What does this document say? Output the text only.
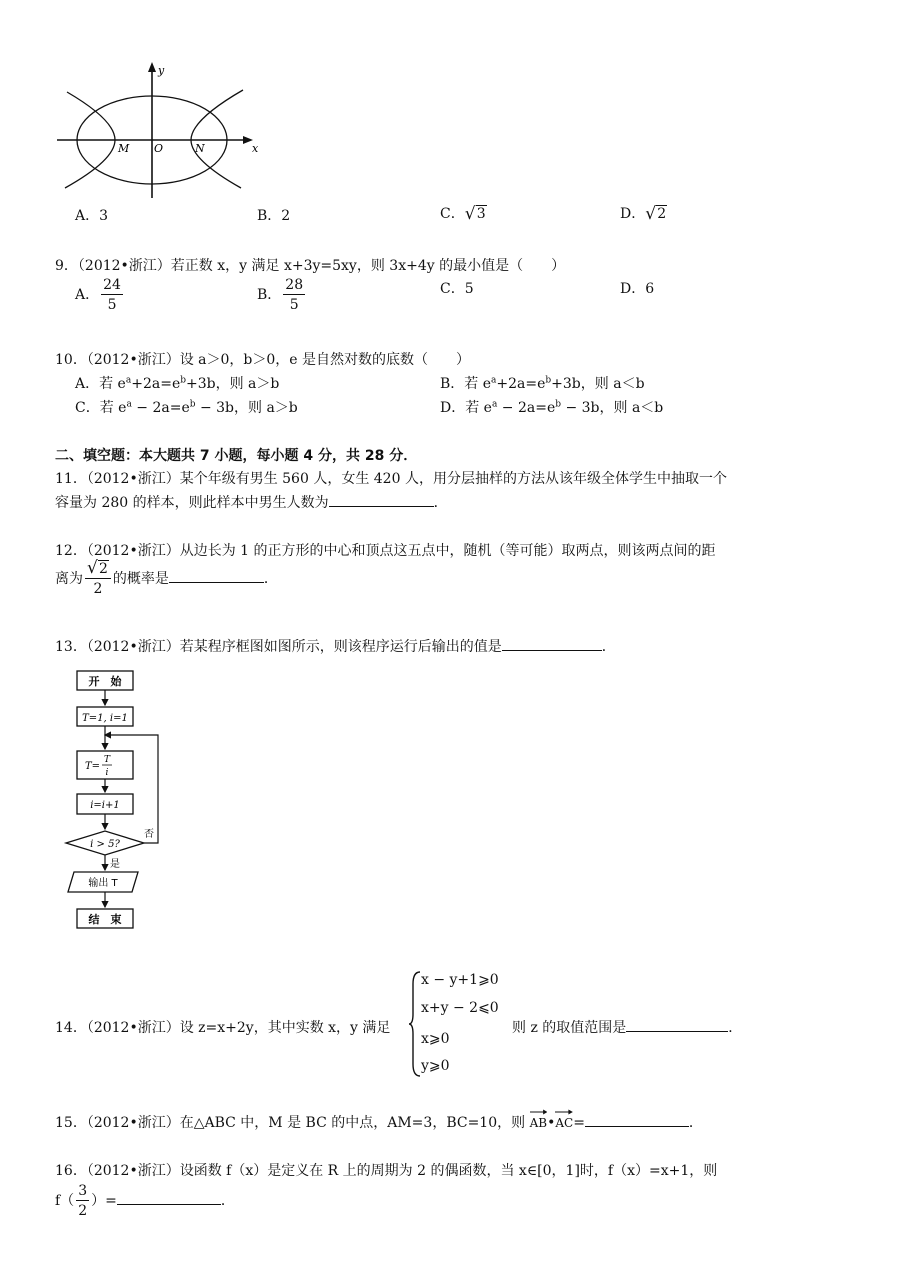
y
x
O
M	N
A．3	B．2	C． √ 3	D． √ 2
9．（2012•浙江）若正数 x，y 满足 x+3y=5xy，则 3x+4y 的最小值是（　　）
A． $\frac{24}{5}$	B． $\frac{28}{5}$	C．5	D．6
10．（2012•浙江）设 a＞0，b＞0，e 是自然对数的底数（　　）
A．若 $e^a+2a=e^b+3b$，则 a＞b	B．若 $e^a+2a=e^b+3b$，则 a＜b
C．若 $e^a - 2a=e^b - 3b$，则 a＞b	D．若 $e^a - 2a=e^b - 3b$，则 a＜b
二、填空题：本大题共 7 小题，每小题 4 分，共 28 分．
11．（2012•浙江）某个年级有男生 560 人，女生 420 人，用分层抽样的方法从该年级全体学生中抽取一个
容量为 280 的样本，则此样本中男生人数为	．
12．（2012•浙江）从边长为 1 的正方形的中心和顶点这五点中，随机（等可能）取两点，则该两点间的距
离为 √ $\frac{2}{2}$ 的概率是	．
13．（2012•浙江）若某程序框图如图所示，则该程序运行后输出的值是	．
开　始
T=1, i=1
T=
T
i
i=i+1
i > 5?
否
是
输出 T
结　束
14．（2012•浙江）设 z=x+2y，其中实数 x，y 满足
x − y+1⩾0
x+y − 2⩽0
x⩾0
y⩾0
则 z 的取值范围是	．
15．（2012•浙江）在△ABC 中，M 是 BC 的中点，AM=3，BC=10，则 AB•
AC=	．
16．（2012•浙江）设函数 f（x）是定义在 R 上的周期为 2 的偶函数，当 x∈[0，1]时，f（x）=x+1，则
$f( \frac{3}{2}$ ）=	．
